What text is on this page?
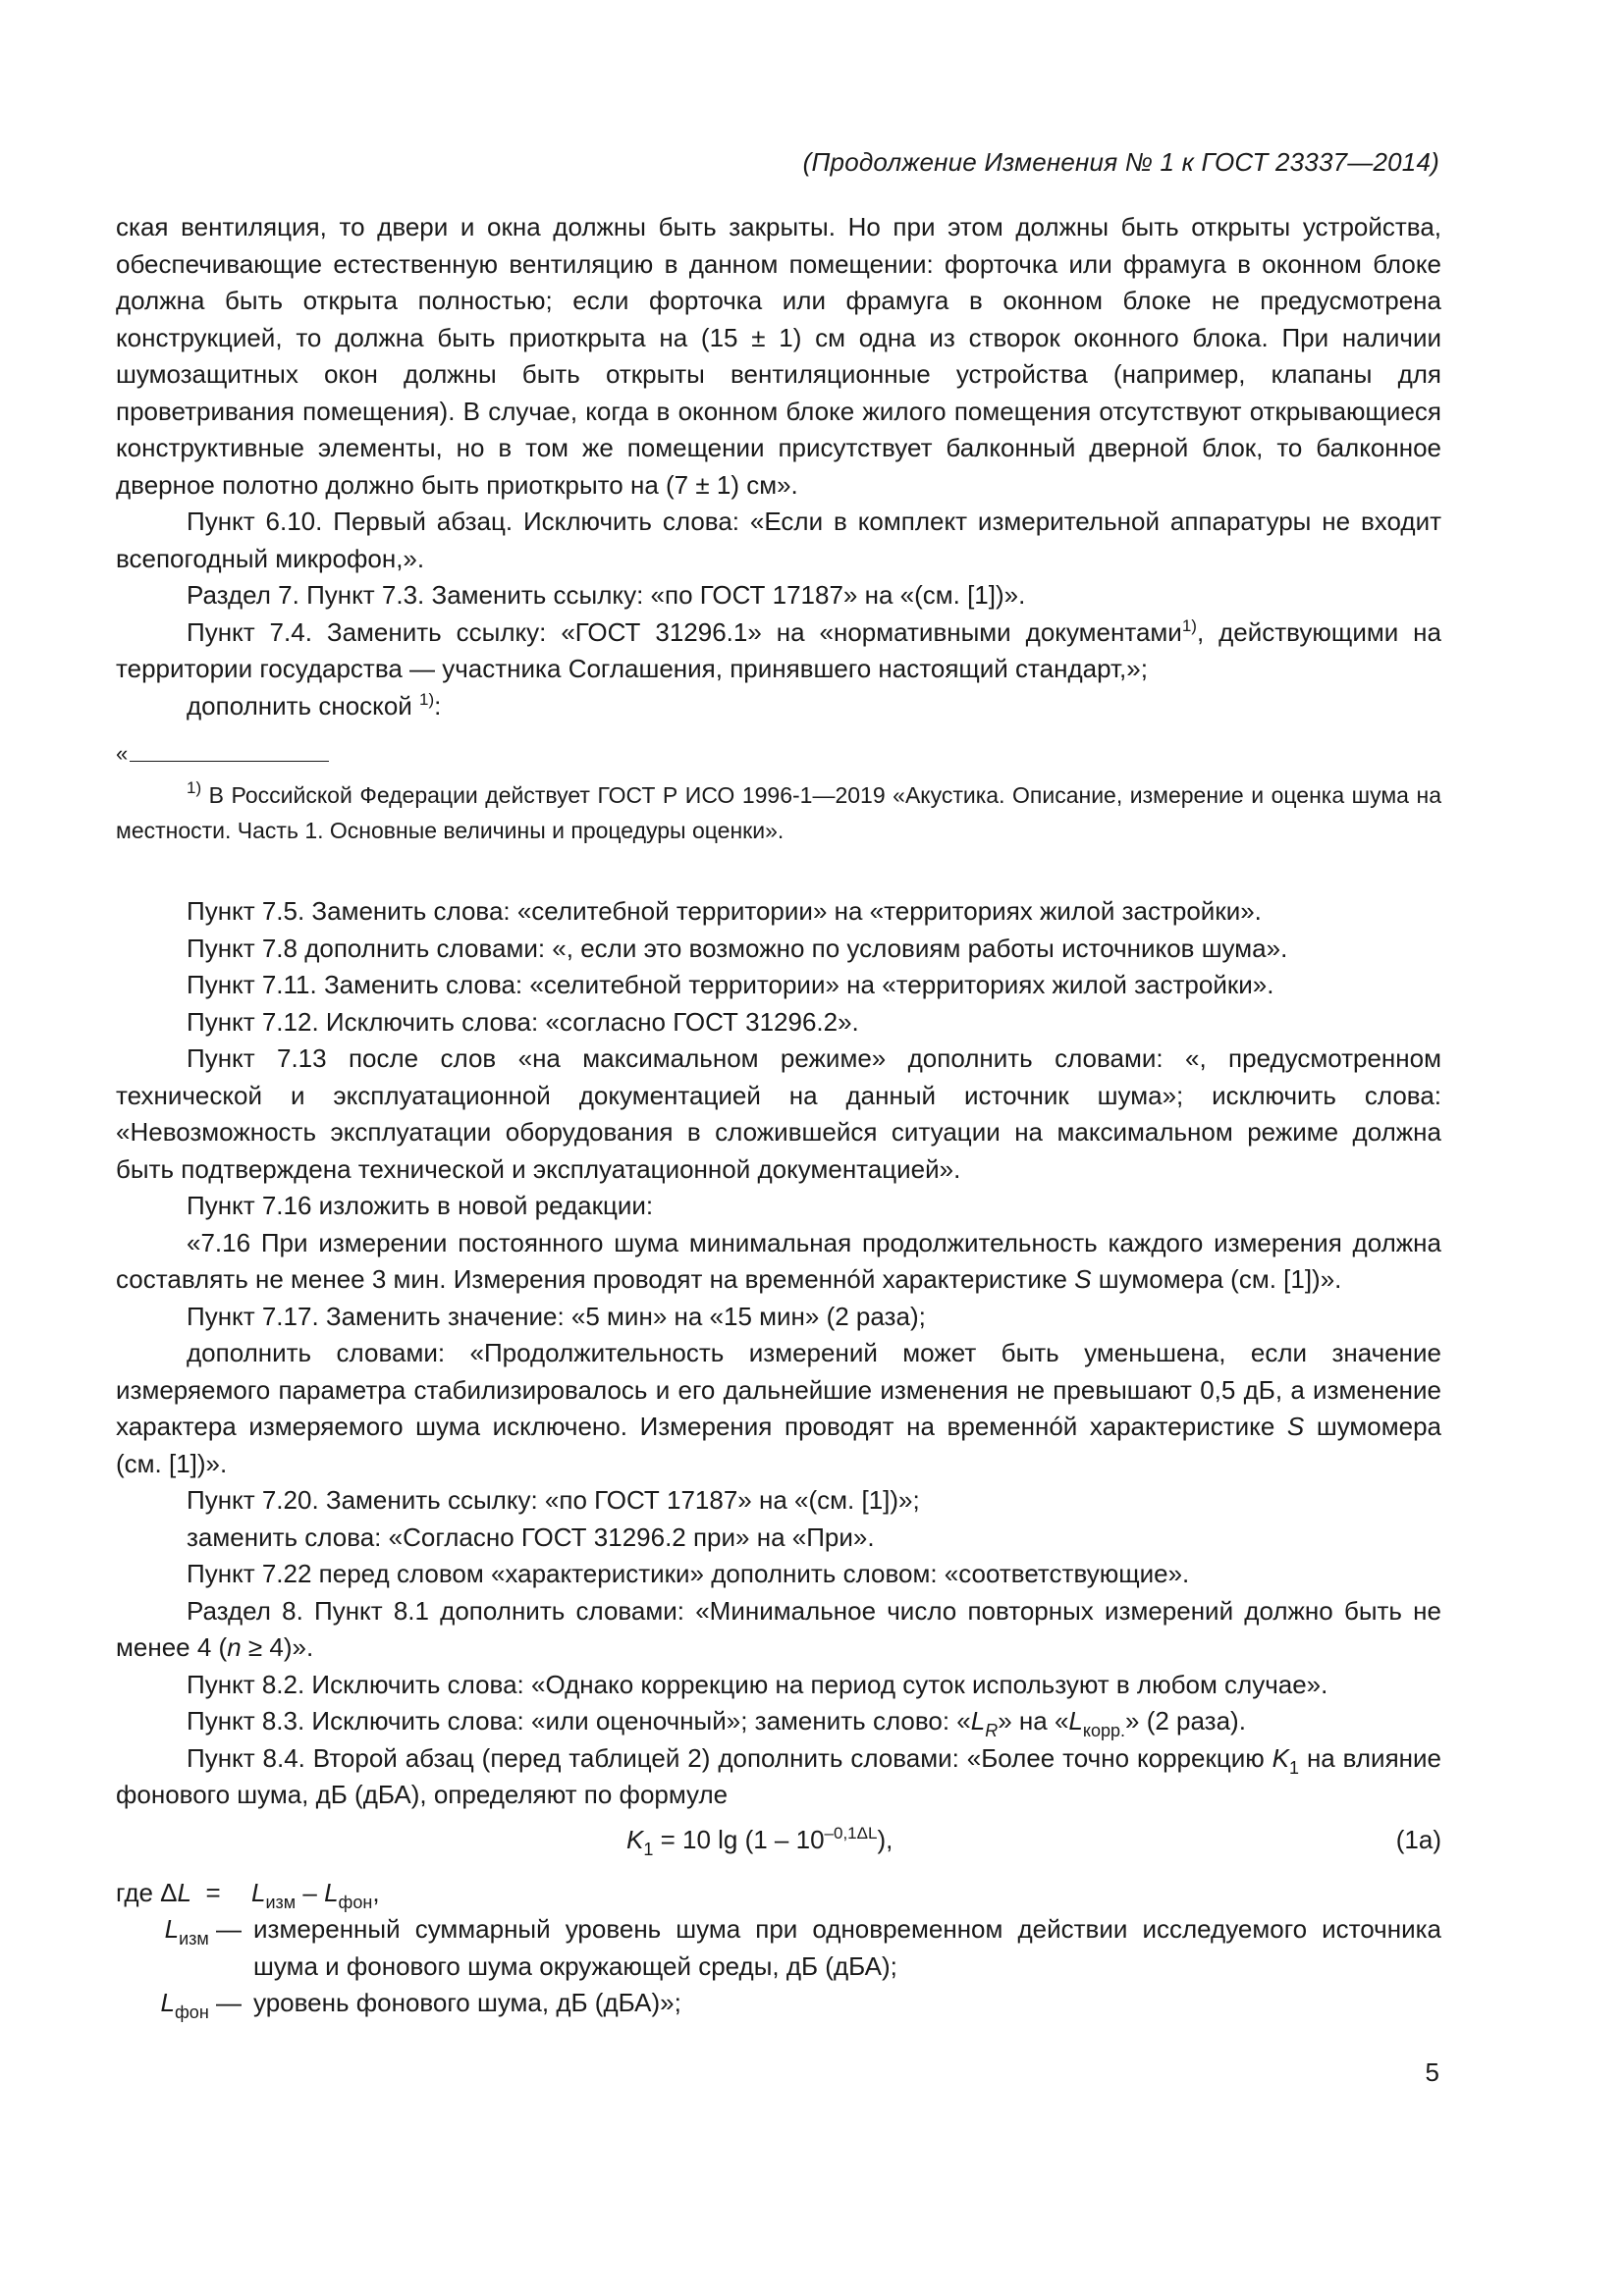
(Продолжение Изменения № 1 к ГОСТ 23337—2014)

ская вентиляция, то двери и окна должны быть закрыты. Но при этом должны быть открыты устройства, обеспечивающие естественную вентиляцию в данном помещении: форточка или фрамуга в оконном блоке должна быть открыта полностью; если форточка или фрамуга в оконном блоке не предусмотрена конструкцией, то должна быть приоткрыта на (15 ± 1) см одна из створок оконного блока. При наличии шумозащитных окон должны быть открыты вентиляционные устройства (например, клапаны для проветривания помещения). В случае, когда в оконном блоке жилого помещения отсутствуют открывающиеся конструктивные элементы, но в том же помещении присутствует балконный дверной блок, то балконное дверное полотно должно быть приоткрыто на (7 ± 1) см».

Пункт 6.10. Первый абзац. Исключить слова: «Если в комплект измерительной аппаратуры не входит всепогодный микрофон,».

Раздел 7. Пункт 7.3. Заменить ссылку: «по ГОСТ 17187» на «(см. [1])».

Пункт 7.4. Заменить ссылку: «ГОСТ 31296.1» на «нормативными документами$^{1)}$, действующими на территории государства — участника Соглашения, принявшего настоящий стандарт,»;

дополнить сноской $^{1)}$:

«

$^{1)}$ В Российской Федерации действует ГОСТ Р ИСО 1996-1—2019 «Акустика. Описание, измерение и оценка шума на местности. Часть 1. Основные величины и процедуры оценки».

Пункт 7.5. Заменить слова: «селитебной территории» на «территориях жилой застройки».

Пункт 7.8 дополнить словами: «, если это возможно по условиям работы источников шума».

Пункт 7.11. Заменить слова: «селитебной территории» на «территориях жилой застройки».

Пункт 7.12. Исключить слова: «согласно ГОСТ 31296.2».

Пункт 7.13 после слов «на максимальном режиме» дополнить словами: «, предусмотренном технической и эксплуатационной документацией на данный источник шума»; исключить слова: «Невозможность эксплуатации оборудования в сложившейся ситуации на максимальном режиме должна быть подтверждена технической и эксплуатационной документацией».

Пункт 7.16 изложить в новой редакции:

«7.16 При измерении постоянного шума минимальная продолжительность каждого измерения должна составлять не менее 3 мин. Измерения проводят на временнóй характеристике S шумомера (см. [1])».

Пункт 7.17. Заменить значение: «5 мин» на «15 мин» (2 раза);

дополнить словами: «Продолжительность измерений может быть уменьшена, если значение измеряемого параметра стабилизировалось и его дальнейшие изменения не превышают 0,5 дБ, а изменение характера измеряемого шума исключено. Измерения проводят на временнóй характеристике S шумомера (см. [1])».

Пункт 7.20. Заменить ссылку: «по ГОСТ 17187» на «(см. [1])»;

заменить слова: «Согласно ГОСТ 31296.2 при» на «При».

Пункт 7.22 перед словом «характеристики» дополнить словом: «соответствующие».

Раздел 8. Пункт 8.1 дополнить словами: «Минимальное число повторных измерений должно быть не менее 4 (n ≥ 4)».

Пункт 8.2. Исключить слова: «Однако коррекцию на период суток используют в любом случае».

Пункт 8.3. Исключить слова: «или оценочный»; заменить слово: «$L_R$» на «$L_{корр.}$» (2 раза).

Пункт 8.4. Второй абзац (перед таблицей 2) дополнить словами: «Более точно коррекцию $K_1$ на влияние фонового шума, дБ (дБА), определяют по формуле

$K_1 = 10$ $\lg (1 - 10^{-0,1\Delta L})$,	(1а)
где ΔL =	$L_{изм} - L_{фон}$,
$L_{изм}$ — измеренный суммарный уровень шума при одновременном действии исследуемого источника шума и фонового шума окружающей среды, дБ (дБА);
$L_{фон}$ — уровень фонового шума, дБ (дБА)»;
5
